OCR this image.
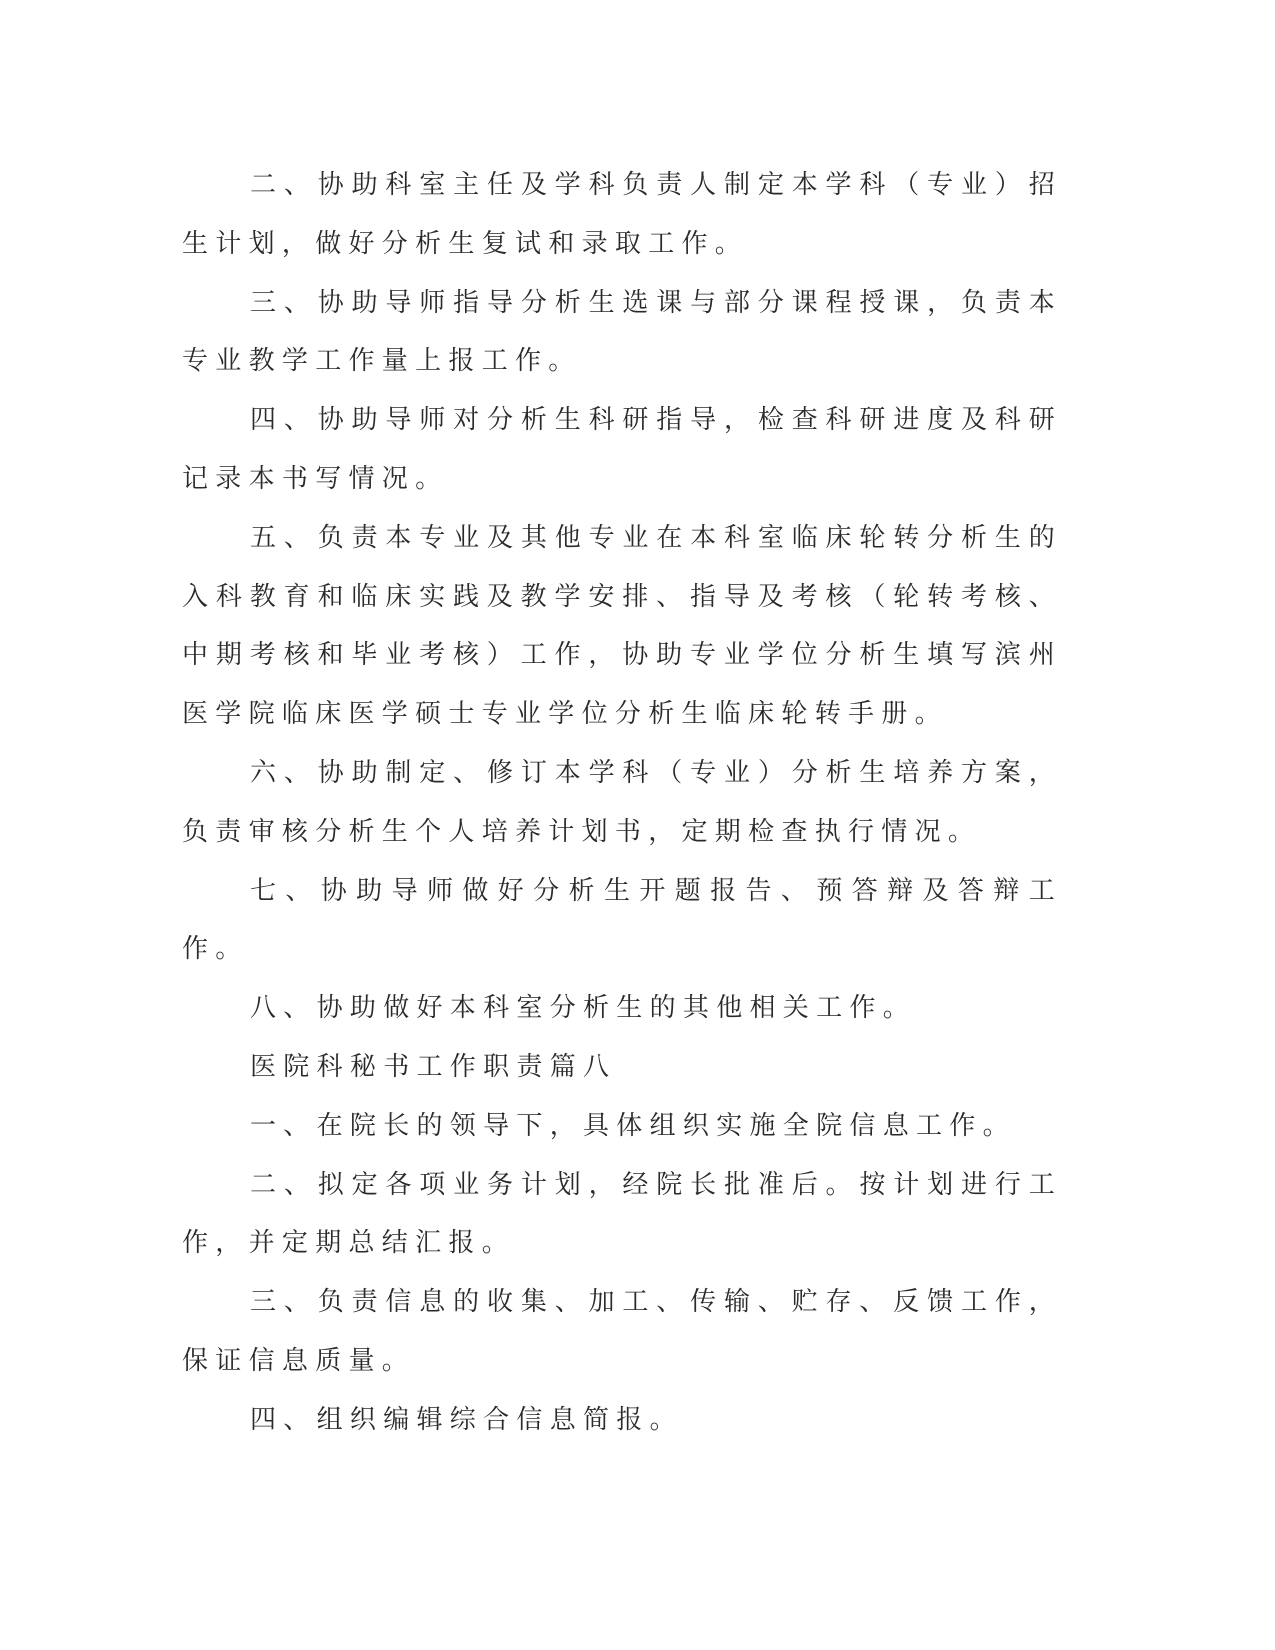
二、协助科室主任及学科负责人制定本学科（专业）招生计划，做好分析生复试和录取工作。

三、协助导师指导分析生选课与部分课程授课，负责本专业教学工作量上报工作。

四、协助导师对分析生科研指导，检查科研进度及科研记录本书写情况。

五、负责本专业及其他专业在本科室临床轮转分析生的入科教育和临床实践及教学安排、指导及考核（轮转考核、中期考核和毕业考核）工作，协助专业学位分析生填写滨州医学院临床医学硕士专业学位分析生临床轮转手册。

六、协助制定、修订本学科（专业）分析生培养方案，负责审核分析生个人培养计划书，定期检查执行情况。

七、协助导师做好分析生开题报告、预答辩及答辩工作。

八、协助做好本科室分析生的其他相关工作。

医院科秘书工作职责篇八

一、在院长的领导下，具体组织实施全院信息工作。

二、拟定各项业务计划，经院长批准后。按计划进行工作，并定期总结汇报。

三、负责信息的收集、加工、传输、贮存、反馈工作，保证信息质量。

四、组织编辑综合信息简报。
